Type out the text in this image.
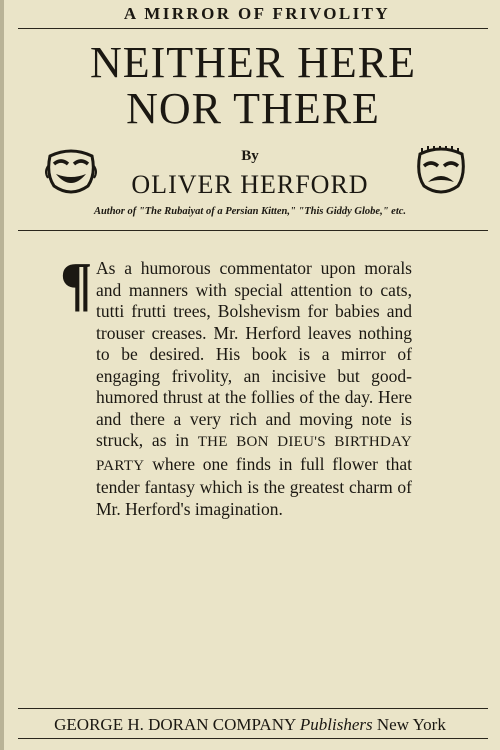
A MIRROR OF FRIVOLITY
NEITHER HERE
NOR THERE
By
OLIVER HERFORD
Author of "The Rubaiyat of a Persian Kitten," "This Giddy Globe," etc.
¶ As a humorous commentator upon morals and manners with special attention to cats, tutti frutti trees, Bolshevism for babies and trouser creases. Mr. Herford leaves nothing to be desired. His book is a mirror of engaging frivolity, an incisive but good-humored thrust at the follies of the day. Here and there a very rich and moving note is struck, as in THE BON DIEU'S BIRTHDAY PARTY where one finds in full flower that tender fantasy which is the greatest charm of Mr. Herford's imagination.
GEORGE H. DORAN COMPANY Publishers New York
